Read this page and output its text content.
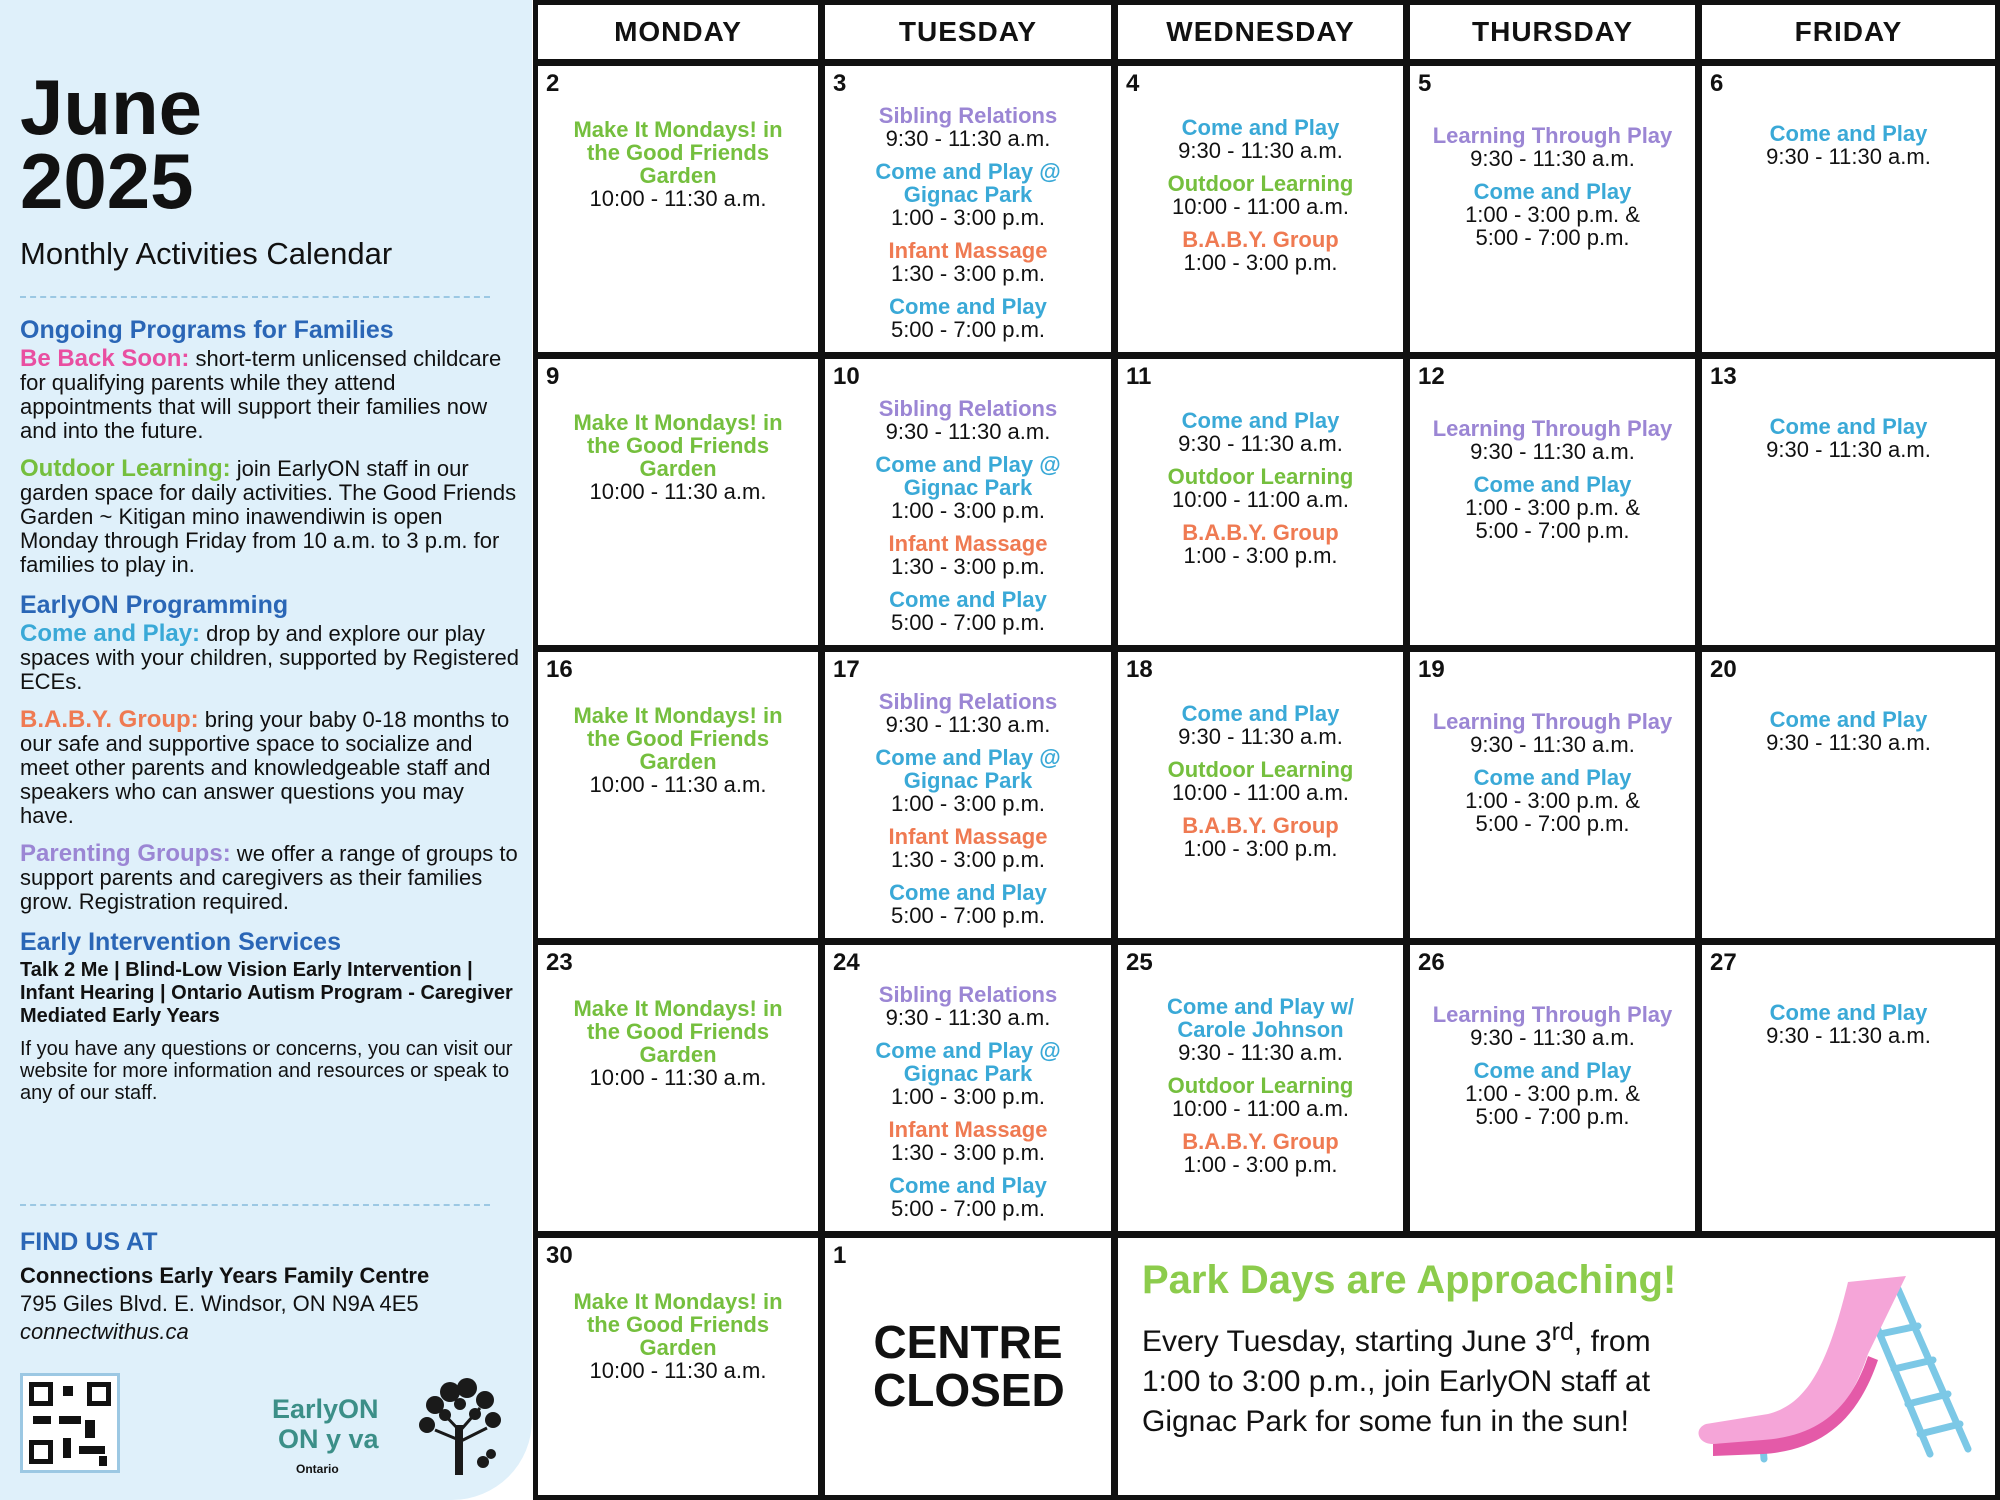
June
2025
Monthly Activities Calendar
Ongoing Programs for Families
Be Back Soon: short-term unlicensed childcare for qualifying parents while they attend appointments that will support their families now and into the future.
Outdoor Learning: join EarlyON staff in our garden space for daily activities. The Good Friends Garden ~ Kitigan mino inawendiwin is open Monday through Friday from 10 a.m. to 3 p.m. for families to play in.
EarlyON Programming
Come and Play: drop by and explore our play spaces with your children, supported by Registered ECEs.
B.A.B.Y. Group: bring your baby 0-18 months to our safe and supportive space to socialize and meet other parents and knowledgeable staff and speakers who can answer questions you may have.
Parenting Groups: we offer a range of groups to support parents and caregivers as their families grow. Registration required.
Early Intervention Services
Talk 2 Me | Blind-Low Vision Early Intervention | Infant Hearing | Ontario Autism Program - Caregiver Mediated Early Years
If you have any questions or concerns, you can visit our website for more information and resources or speak to any of our staff.
FIND US AT
Connections Early Years Family Centre
795 Giles Blvd. E. Windsor, ON N9A 4E5
connectwithus.ca
EarlyON
ON y va
Ontario
MONDAY	TUESDAY	WEDNESDAY	THURSDAY	FRIDAY
2
Make It Mondays! in the Good Friends Garden
10:00 - 11:30 a.m.
3
Sibling Relations
9:30 - 11:30 a.m.
Come and Play @ Gignac Park
1:00 - 3:00 p.m.
Infant Massage
1:30 - 3:00 p.m.
Come and Play
5:00 - 7:00 p.m.
4
Come and Play
9:30 - 11:30 a.m.
Outdoor Learning
10:00 - 11:00 a.m.
B.A.B.Y. Group
1:00 - 3:00 p.m.
5
Learning Through Play
9:30 - 11:30 a.m.
Come and Play
1:00 - 3:00 p.m. & 5:00 - 7:00 p.m.
6
Come and Play
9:30 - 11:30 a.m.
9
Make It Mondays! in the Good Friends Garden
10:00 - 11:30 a.m.
10
Sibling Relations
9:30 - 11:30 a.m.
Come and Play @ Gignac Park
1:00 - 3:00 p.m.
Infant Massage
1:30 - 3:00 p.m.
Come and Play
5:00 - 7:00 p.m.
11
Come and Play
9:30 - 11:30 a.m.
Outdoor Learning
10:00 - 11:00 a.m.
B.A.B.Y. Group
1:00 - 3:00 p.m.
12
Learning Through Play
9:30 - 11:30 a.m.
Come and Play
1:00 - 3:00 p.m. & 5:00 - 7:00 p.m.
13
Come and Play
9:30 - 11:30 a.m.
16
Make It Mondays! in the Good Friends Garden
10:00 - 11:30 a.m.
17
Sibling Relations
9:30 - 11:30 a.m.
Come and Play @ Gignac Park
1:00 - 3:00 p.m.
Infant Massage
1:30 - 3:00 p.m.
Come and Play
5:00 - 7:00 p.m.
18
Come and Play
9:30 - 11:30 a.m.
Outdoor Learning
10:00 - 11:00 a.m.
B.A.B.Y. Group
1:00 - 3:00 p.m.
19
Learning Through Play
9:30 - 11:30 a.m.
Come and Play
1:00 - 3:00 p.m. & 5:00 - 7:00 p.m.
20
Come and Play
9:30 - 11:30 a.m.
23
Make It Mondays! in the Good Friends Garden
10:00 - 11:30 a.m.
24
Sibling Relations
9:30 - 11:30 a.m.
Come and Play @ Gignac Park
1:00 - 3:00 p.m.
Infant Massage
1:30 - 3:00 p.m.
Come and Play
5:00 - 7:00 p.m.
25
Come and Play w/ Carole Johnson
9:30 - 11:30 a.m.
Outdoor Learning
10:00 - 11:00 a.m.
B.A.B.Y. Group
1:00 - 3:00 p.m.
26
Learning Through Play
9:30 - 11:30 a.m.
Come and Play
1:00 - 3:00 p.m. & 5:00 - 7:00 p.m.
27
Come and Play
9:30 - 11:30 a.m.
30
Make It Mondays! in the Good Friends Garden
10:00 - 11:30 a.m.
1
CENTRE CLOSED
Park Days are Approaching!
Every Tuesday, starting June 3rd, from 1:00 to 3:00 p.m., join EarlyON staff at Gignac Park for some fun in the sun!
